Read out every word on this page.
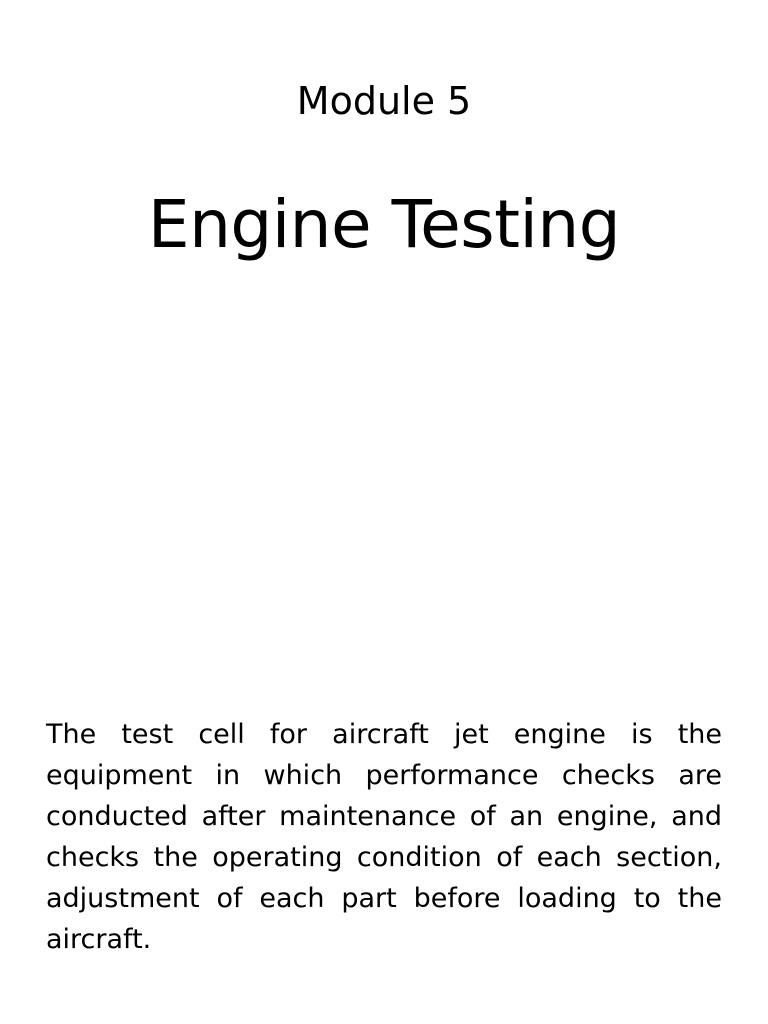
Module 5
Engine Testing

The test cell for aircraft jet engine is the equipment in which performance checks are conducted after maintenance of an engine, and checks the operating condition of each section, adjustment of each part before loading to the aircraft.
